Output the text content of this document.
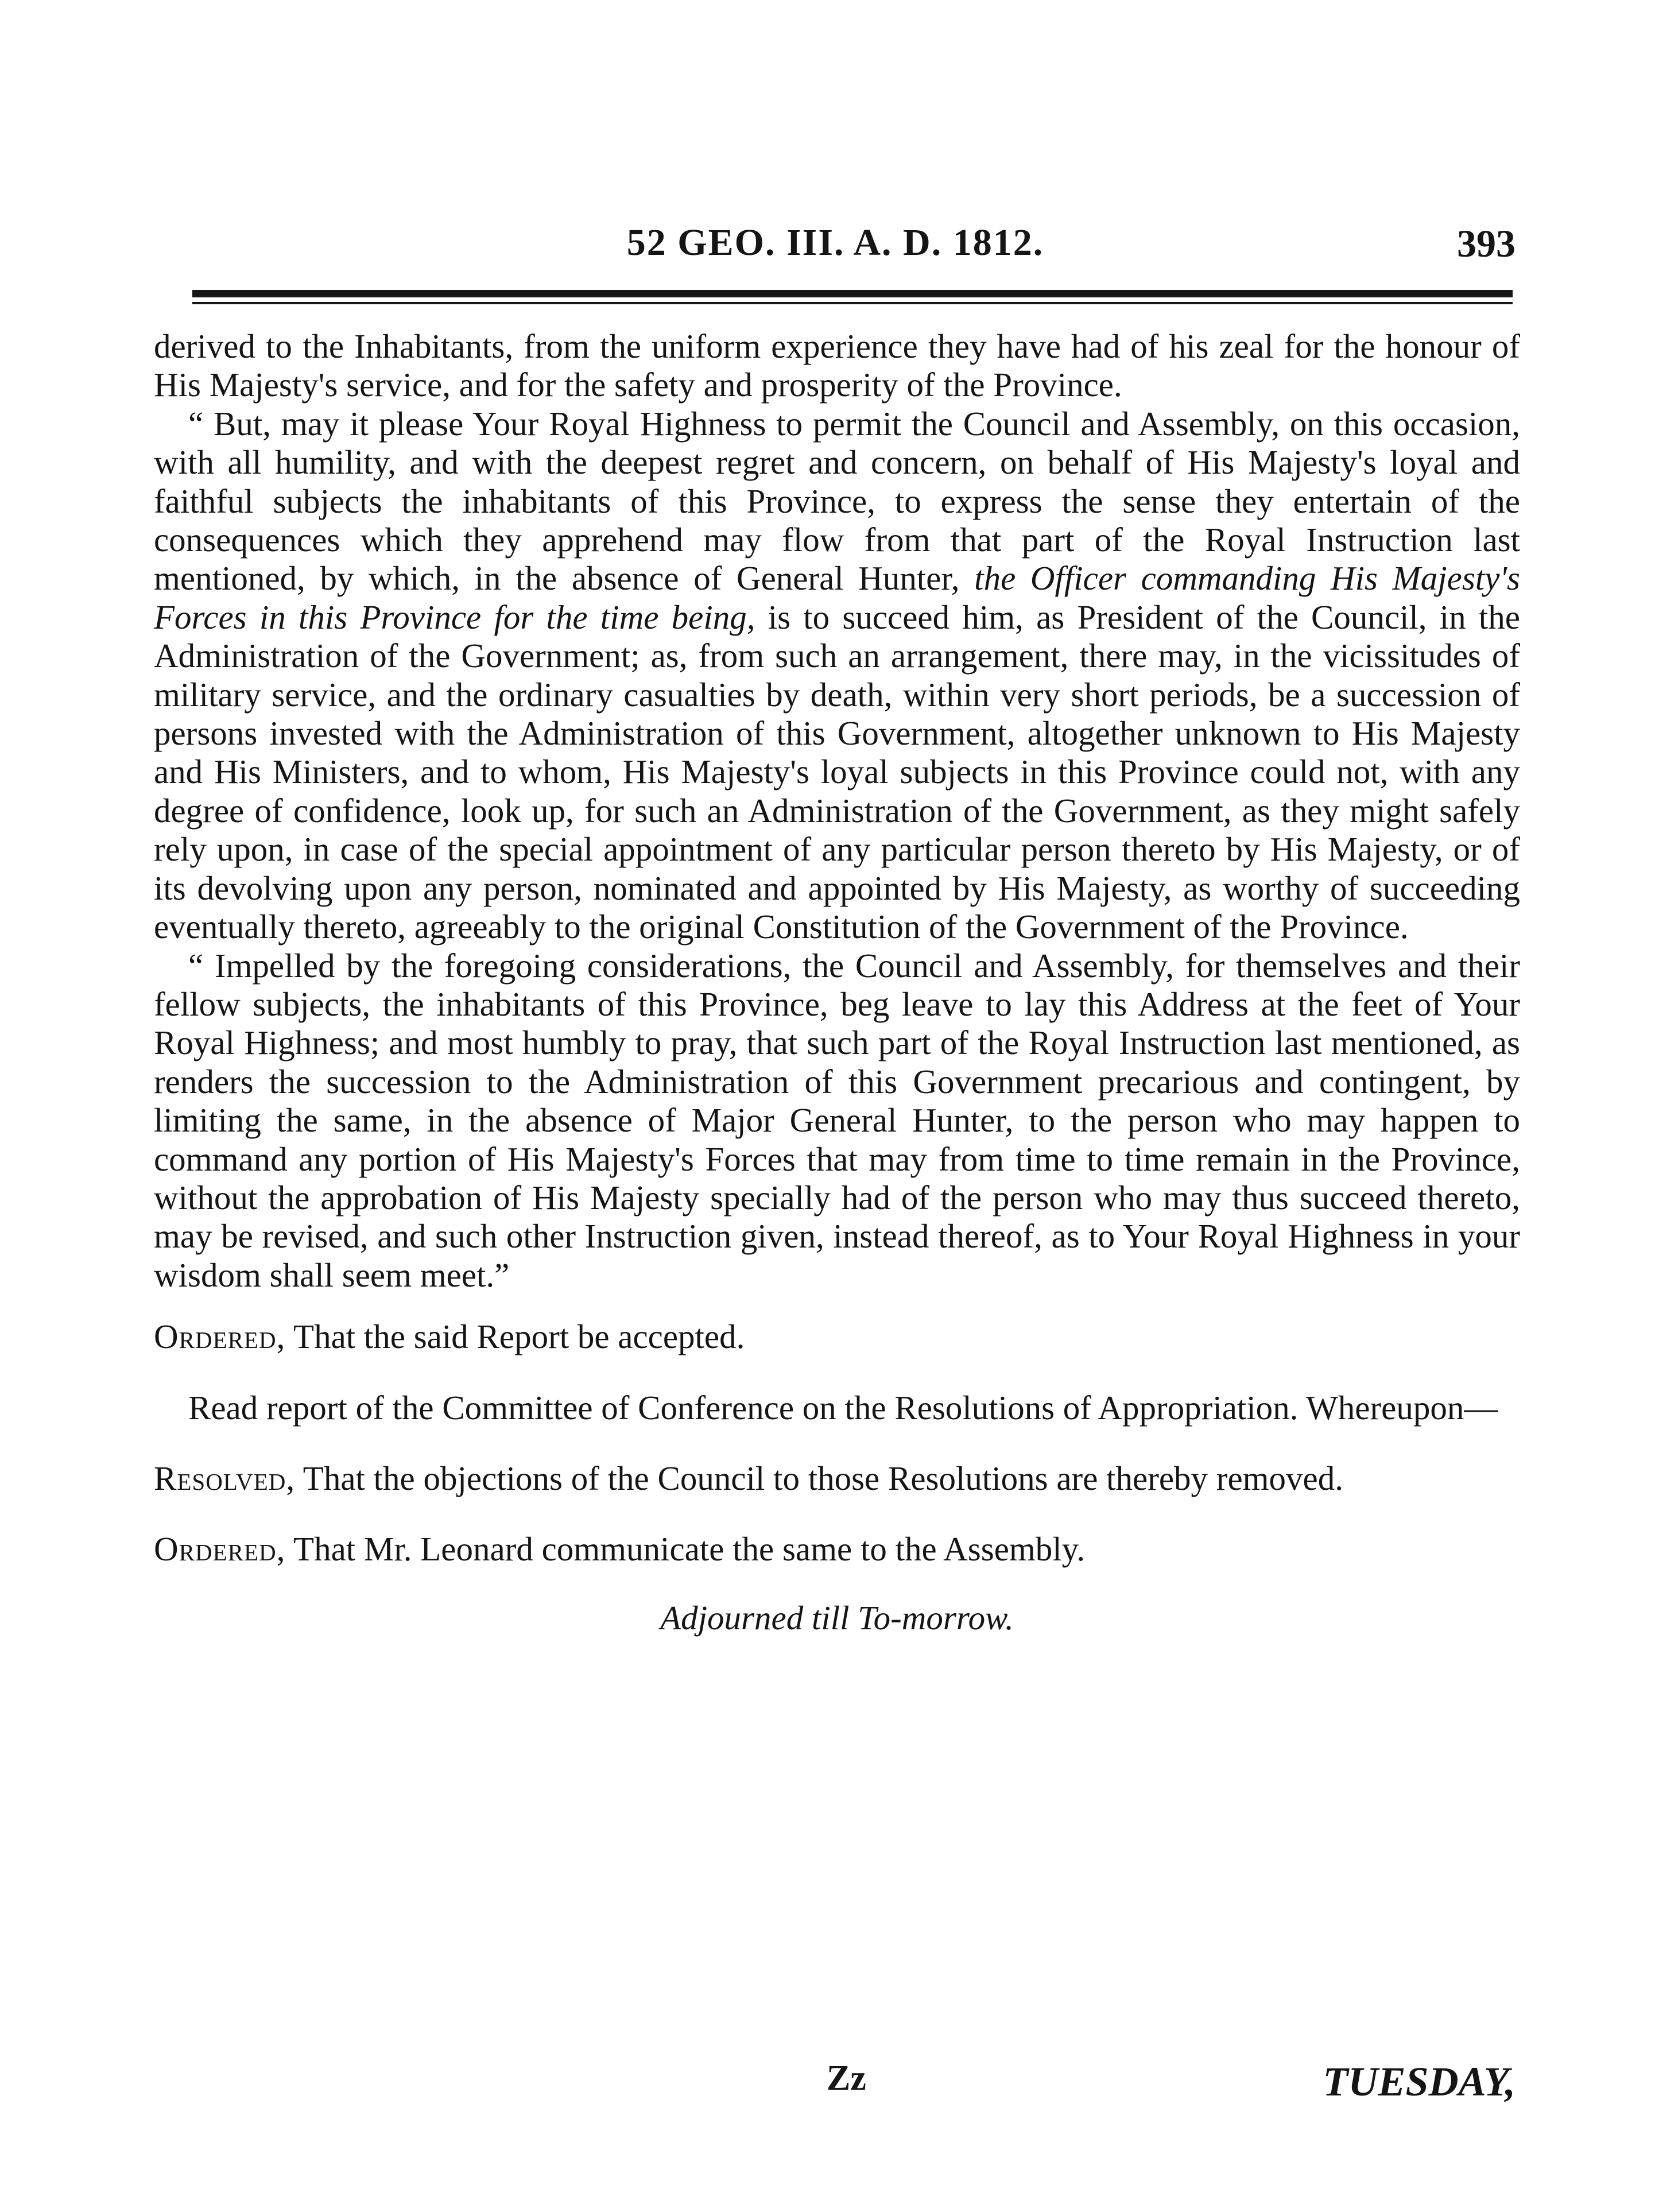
52 GEO. III. A. D. 1812.	393

derived to the Inhabitants, from the uniform experience they have had of his zeal for the honour of His Majesty's service, and for the safety and prosperity of the Province.

“ But, may it please Your Royal Highness to permit the Council and Assembly, on this occasion, with all humility, and with the deepest regret and concern, on behalf of His Majesty's loyal and faithful subjects the inhabitants of this Province, to express the sense they entertain of the consequences which they apprehend may flow from that part of the Royal Instruction last mentioned, by which, in the absence of General Hunter, the Officer commanding His Majesty's Forces in this Province for the time being, is to succeed him, as President of the Council, in the Administration of the Government; as, from such an arrangement, there may, in the vicissitudes of military service, and the ordinary casualties by death, within very short periods, be a succession of persons invested with the Administration of this Government, altogether unknown to His Majesty and His Ministers, and to whom, His Majesty's loyal subjects in this Province could not, with any degree of confidence, look up, for such an Administration of the Government, as they might safely rely upon, in case of the special appointment of any particular person thereto by His Majesty, or of its devolving upon any person, nominated and appointed by His Majesty, as worthy of succeeding eventually thereto, agreeably to the original Constitution of the Government of the Province.

“ Impelled by the foregoing considerations, the Council and Assembly, for themselves and their fellow subjects, the inhabitants of this Province, beg leave to lay this Address at the feet of Your Royal Highness; and most humbly to pray, that such part of the Royal Instruction last mentioned, as renders the succession to the Administration of this Government precarious and contingent, by limiting the same, in the absence of Major General Hunter, to the person who may happen to command any portion of His Majesty's Forces that may from time to time remain in the Province, without the approbation of His Majesty specially had of the person who may thus succeed thereto, may be revised, and such other Instruction given, instead thereof, as to Your Royal Highness in your wisdom shall seem meet.”

Ordered, That the said Report be accepted.

Read report of the Committee of Conference on the Resolutions of Appropriation. Whereupon—

Resolved, That the objections of the Council to those Resolutions are thereby removed.

Ordered, That Mr. Leonard communicate the same to the Assembly.

Adjourned till To-morrow.

Zz	TUESDAY,
